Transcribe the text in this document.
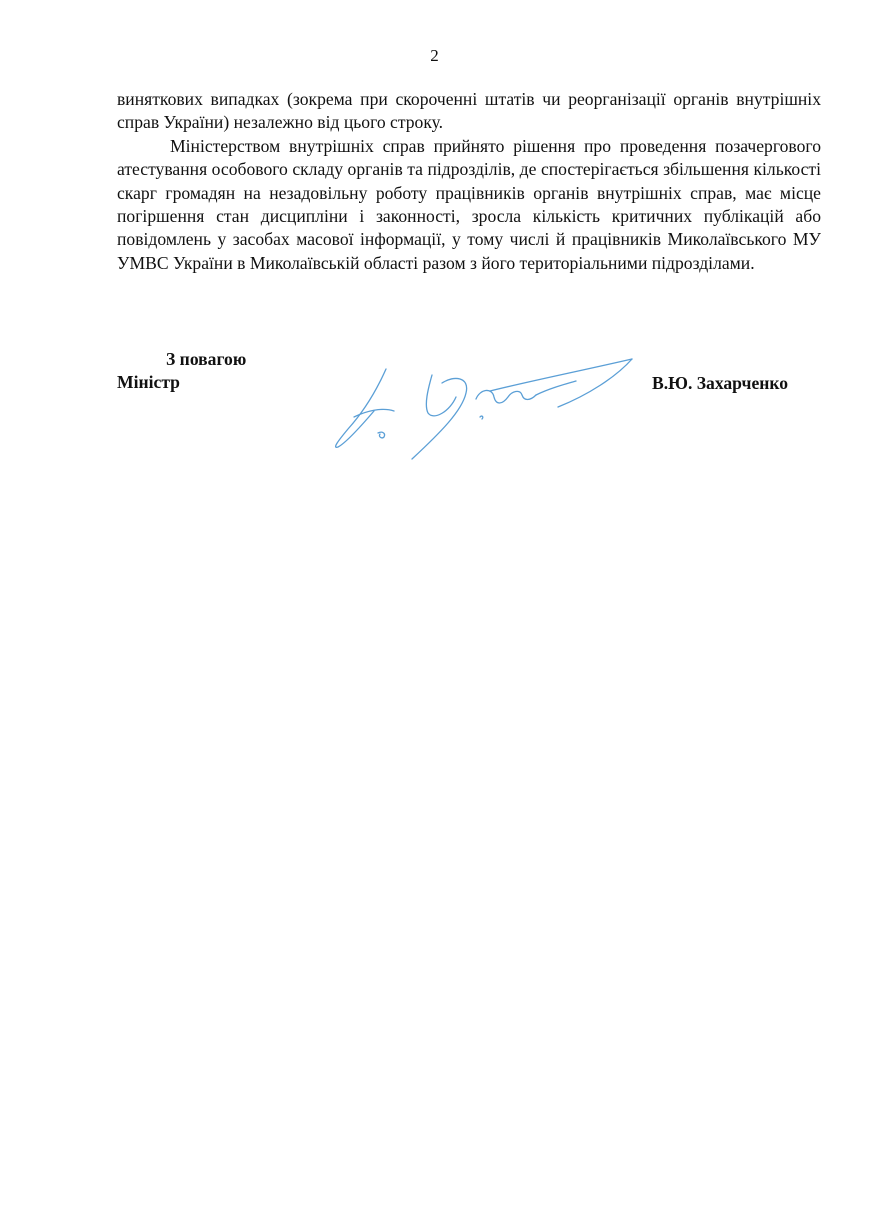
2

виняткових випадках (зокрема при скороченні штатів чи реорганізації органів внутрішніх справ України) незалежно від цього строку.

Міністерством внутрішніх справ прийнято рішення про проведення позачергового атестування особового складу органів та підрозділів, де спостерігається збільшення кількості скарг громадян на незадовільну роботу працівників органів внутрішніх справ, має місце погіршення стан дисципліни і законності, зросла кількість критичних публікацій або повідомлень у засобах масової інформації, у тому числі й працівників Миколаївського МУ УМВС України в Миколаївській області разом з його територіальними підрозділами.

З повагою
Міністр	В.Ю. Захарченко
